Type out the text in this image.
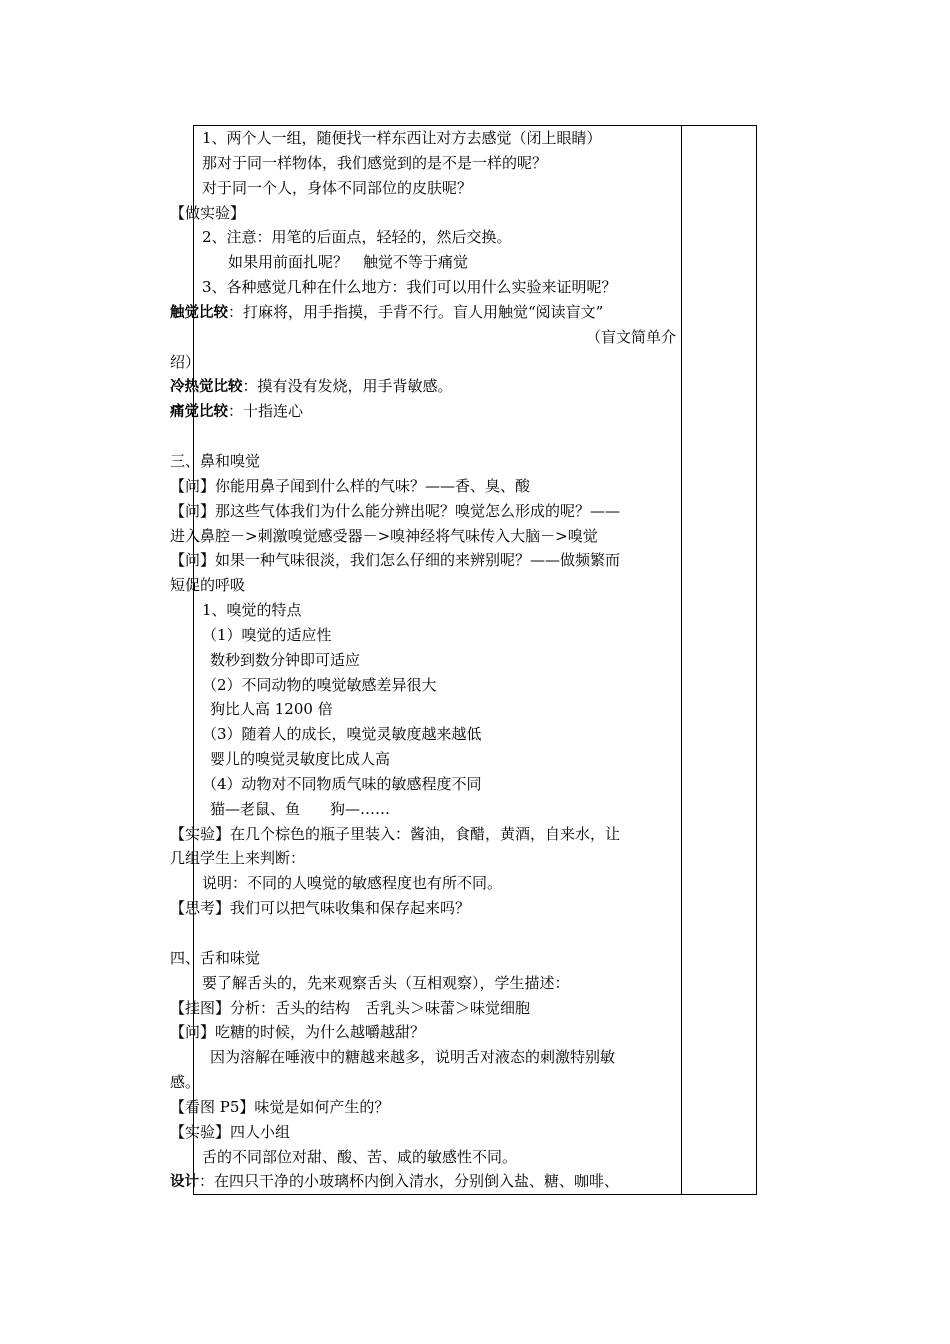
1、两个人一组，随便找一样东西让对方去感觉（闭上眼睛）
那对于同一样物体，我们感觉到的是不是一样的呢？
对于同一个人，身体不同部位的皮肤呢？
【做实验】
2、注意：用笔的后面点，轻轻的，然后交换。
如果用前面扎呢？　触觉不等于痛觉
3、各种感觉几种在什么地方：我们可以用什么实验来证明呢？
触觉比较：打麻将，用手指摸，手背不行。盲人用触觉“阅读盲文”
（盲文简单介
绍）
冷热觉比较：摸有没有发烧，用手背敏感。
痛觉比较：十指连心
三、鼻和嗅觉
【问】你能用鼻子闻到什么样的气味？——香、臭、酸
【问】那这些气体我们为什么能分辨出呢？嗅觉怎么形成的呢？——
进入鼻腔－>刺激嗅觉感受器－>嗅神经将气味传入大脑－>嗅觉
【问】如果一种气味很淡，我们怎么仔细的来辨别呢？——做频繁而
短促的呼吸
1、嗅觉的特点
（1）嗅觉的适应性
数秒到数分钟即可适应
（2）不同动物的嗅觉敏感差异很大
狗比人高 1200 倍
（3）随着人的成长，嗅觉灵敏度越来越低
婴儿的嗅觉灵敏度比成人高
（4）动物对不同物质气味的敏感程度不同
猫—老鼠、鱼　　狗—……
【实验】在几个棕色的瓶子里装入：酱油，食醋，黄酒，自来水，让
几组学生上来判断：
说明：不同的人嗅觉的敏感程度也有所不同。
【思考】我们可以把气味收集和保存起来吗？
四、舌和味觉
要了解舌头的，先来观察舌头（互相观察），学生描述：
【挂图】分析：舌头的结构　舌乳头＞味蕾＞味觉细胞
【问】吃糖的时候，为什么越嚼越甜？
因为溶解在唾液中的糖越来越多，说明舌对液态的刺激特别敏
感。
【看图 P5】味觉是如何产生的？
【实验】四人小组
舌的不同部位对甜、酸、苦、咸的敏感性不同。
设计：在四只干净的小玻璃杯内倒入清水，分别倒入盐、糖、咖啡、
